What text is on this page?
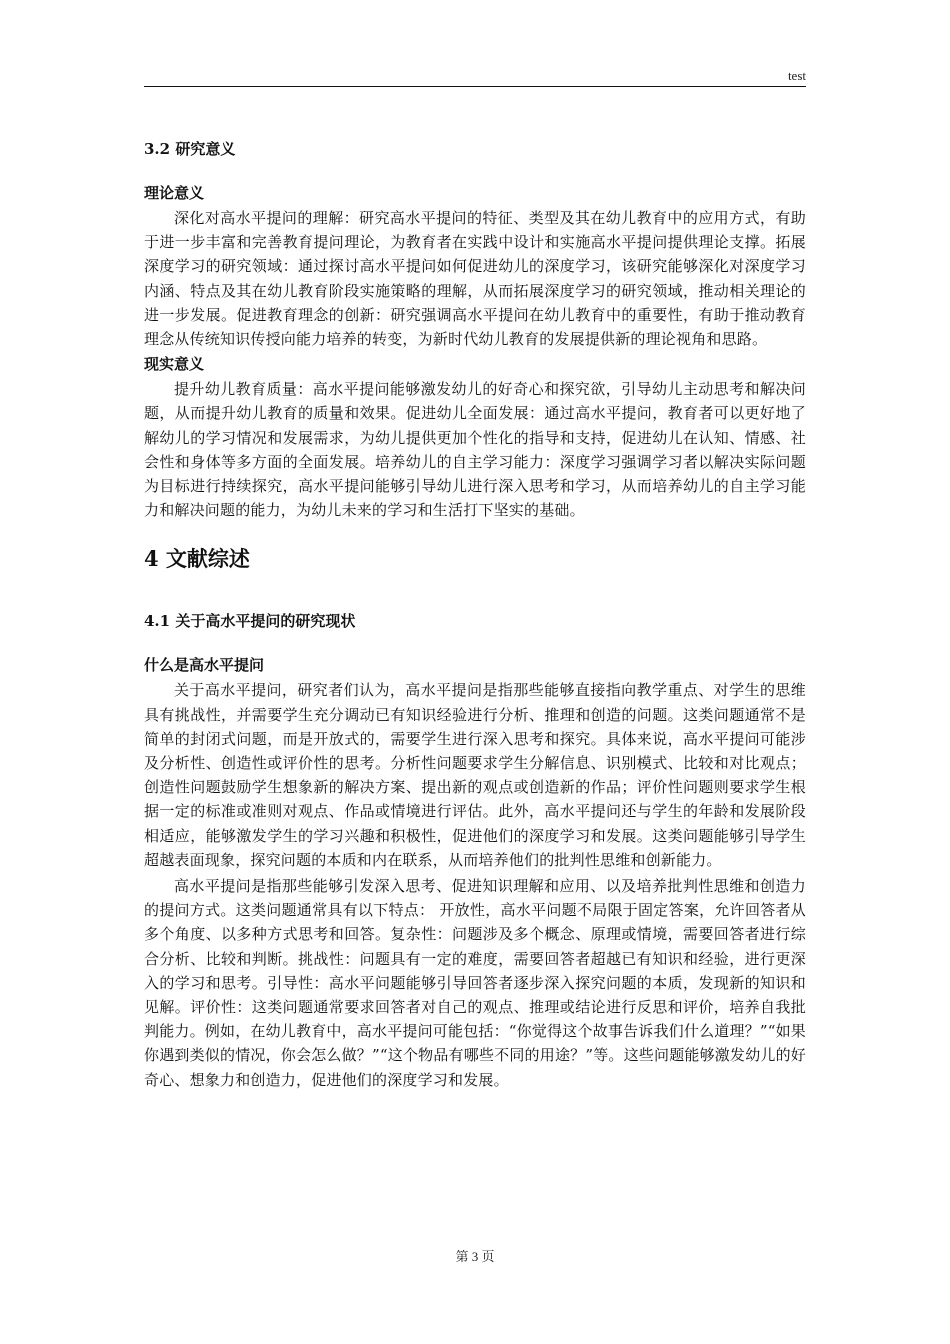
test
3.2 研究意义
理论意义

深化对高水平提问的理解：研究高水平提问的特征、类型及其在幼儿教育中的应用方式，有助于进一步丰富和完善教育提问理论，为教育者在实践中设计和实施高水平提问提供理论支撑。拓展深度学习的研究领域：通过探讨高水平提问如何促进幼儿的深度学习，该研究能够深化对深度学习内涵、特点及其在幼儿教育阶段实施策略的理解，从而拓展深度学习的研究领域，推动相关理论的进一步发展。促进教育理念的创新：研究强调高水平提问在幼儿教育中的重要性，有助于推动教育理念从传统知识传授向能力培养的转变，为新时代幼儿教育的发展提供新的理论视角和思路。

现实意义

提升幼儿教育质量：高水平提问能够激发幼儿的好奇心和探究欲，引导幼儿主动思考和解决问题，从而提升幼儿教育的质量和效果。促进幼儿全面发展：通过高水平提问，教育者可以更好地了解幼儿的学习情况和发展需求，为幼儿提供更加个性化的指导和支持，促进幼儿在认知、情感、社会性和身体等多方面的全面发展。培养幼儿的自主学习能力：深度学习强调学习者以解决实际问题为目标进行持续探究，高水平提问能够引导幼儿进行深入思考和学习，从而培养幼儿的自主学习能力和解决问题的能力，为幼儿未来的学习和生活打下坚实的基础。

4 文献综述
4.1 关于高水平提问的研究现状
什么是高水平提问

关于高水平提问，研究者们认为，高水平提问是指那些能够直接指向教学重点、对学生的思维具有挑战性，并需要学生充分调动已有知识经验进行分析、推理和创造的问题。这类问题通常不是简单的封闭式问题，而是开放式的，需要学生进行深入思考和探究。具体来说，高水平提问可能涉及分析性、创造性或评价性的思考。分析性问题要求学生分解信息、识别模式、比较和对比观点；创造性问题鼓励学生想象新的解决方案、提出新的观点或创造新的作品；评价性问题则要求学生根据一定的标准或准则对观点、作品或情境进行评估。此外，高水平提问还与学生的年龄和发展阶段相适应，能够激发学生的学习兴趣和积极性，促进他们的深度学习和发展。这类问题能够引导学生超越表面现象，探究问题的本质和内在联系，从而培养他们的批判性思维和创新能力。

高水平提问是指那些能够引发深入思考、促进知识理解和应用、以及培养批判性思维和创造力的提问方式。这类问题通常具有以下特点： 开放性，高水平问题不局限于固定答案，允许回答者从多个角度、以多种方式思考和回答。复杂性：问题涉及多个概念、原理或情境，需要回答者进行综合分析、比较和判断。挑战性：问题具有一定的难度，需要回答者超越已有知识和经验，进行更深入的学习和思考。引导性：高水平问题能够引导回答者逐步深入探究问题的本质，发现新的知识和见解。评价性：这类问题通常要求回答者对自己的观点、推理或结论进行反思和评价，培养自我批判能力。例如，在幼儿教育中，高水平提问可能包括：“你觉得这个故事告诉我们什么道理？”“如果你遇到类似的情况，你会怎么做？”“这个物品有哪些不同的用途？”等。这些问题能够激发幼儿的好奇心、想象力和创造力，促进他们的深度学习和发展。

第 3 页
